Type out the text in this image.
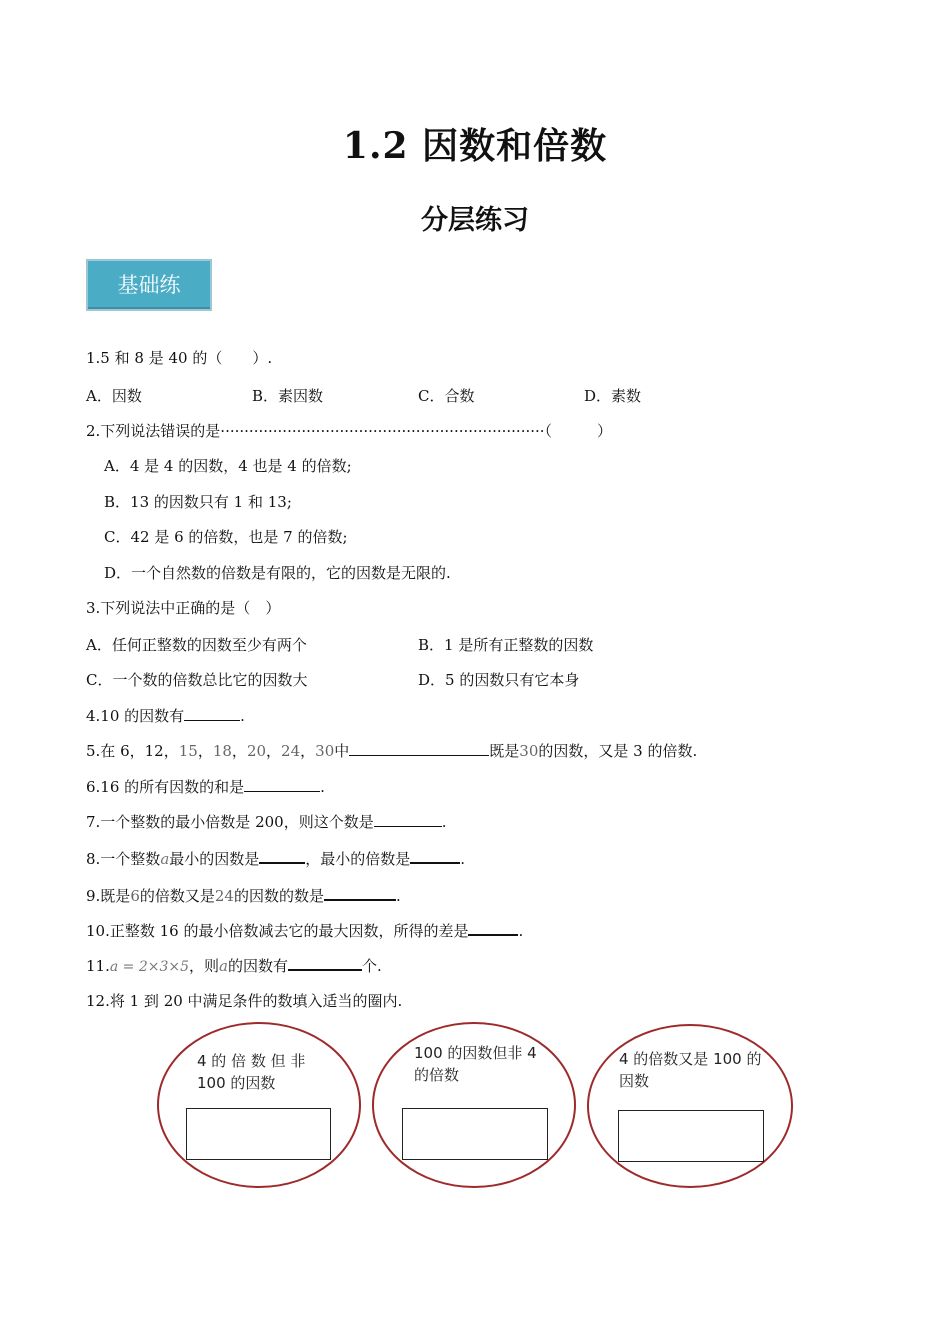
1.2 因数和倍数
分层练习
基础练
1.5 和 8 是 40 的（　　）.
A．因数	B．素因数	C．合数	D．素数
2.下列说法错误的是····································································（　　　）
A．4 是 4 的因数，4 也是 4 的倍数;
B．13 的因数只有 1 和 13;
C．42 是 6 的倍数，也是 7 的倍数;
D．一个自然数的倍数是有限的，它的因数是无限的.
3.下列说法中正确的是（　）
A．任何正整数的因数至少有两个	B．1 是所有正整数的因数
C．一个数的倍数总比它的因数大	D．5 的因数只有它本身
4.10 的因数有	.
5.在 6，12，15，18，20，24，30中	既是30的因数，又是 3 的倍数.
6.16 的所有因数的和是	.
7.一个整数的最小倍数是 200，则这个数是	.
8.一个整数a最小的因数是	，最小的倍数是	.
9.既是6的倍数又是24的因数的数是	.
10.正整数 16 的最小倍数减去它的最大因数，所得的差是	.
11.a = 2×3×5，则a的因数有	个.
12.将 1 到 20 中满足条件的数填入适当的圈内.
4 的 倍 数 但 非 100 的因数
100 的因数但非 4 的倍数
4 的倍数又是 100 的因数
